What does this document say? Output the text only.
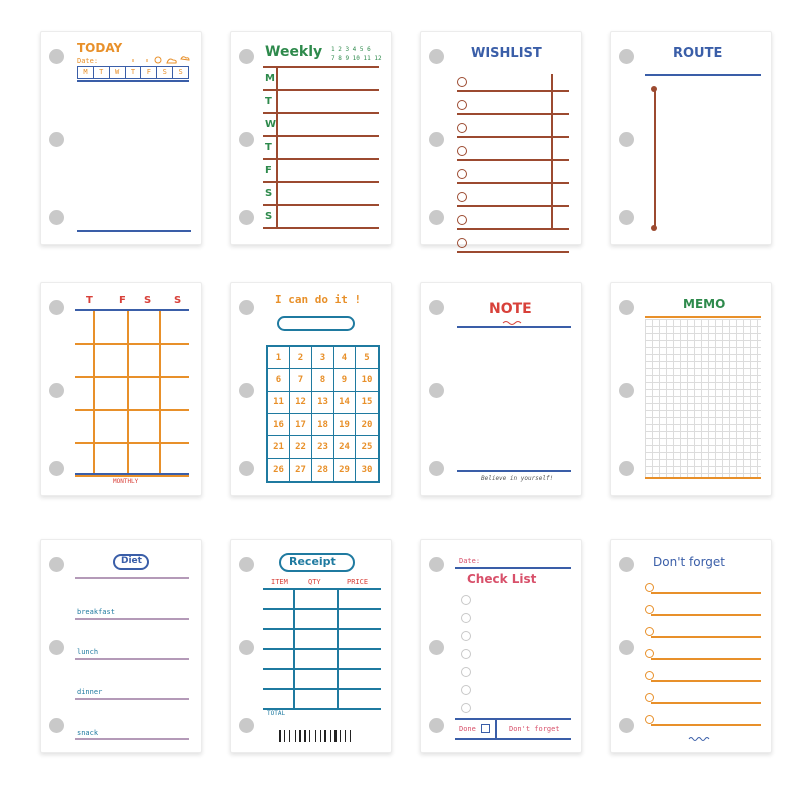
TODAY
Date:
M	T	W	T	F	S	S
Weekly 1 2 3 4 5 6
7 8 9 10 11 12
M
T
W
T
F
S
S
WISHLIST	ROUTE
T	F S S
MONTHLY
I can do it !
1	2	3	4	5
6	7	8	9	10
11	12	13	14	15
16	17	18	19	20
21	22	23	24	25
26	27	28	29	30
NOTE
Believe in yourself!
MEMO
Diet
breakfast
lunch
dinner
snack
Receipt
ITEM	QTY	PRICE
TOTAL
Date:
Check List
Done	Don't forget
Don't forget
